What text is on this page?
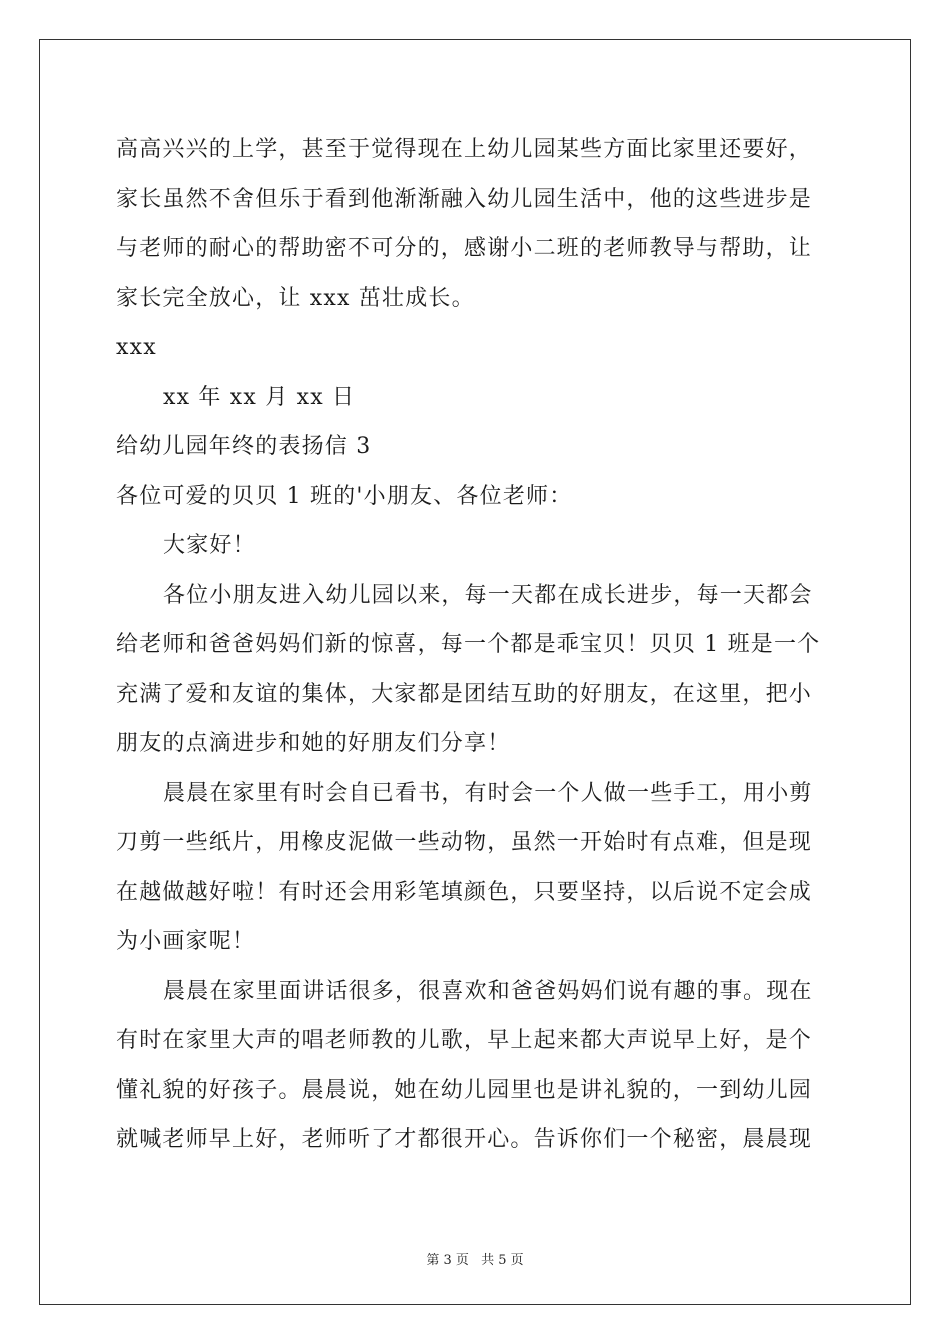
高高兴兴的上学，甚至于觉得现在上幼儿园某些方面比家里还要好，
家长虽然不舍但乐于看到他渐渐融入幼儿园生活中，他的这些进步是
与老师的耐心的帮助密不可分的，感谢小二班的老师教导与帮助，让
家长完全放心，让 xxx 茁壮成长。
xxx
xx 年 xx 月 xx 日
给幼儿园年终的表扬信 3
各位可爱的贝贝 1 班的'小朋友、各位老师：
大家好！
各位小朋友进入幼儿园以来，每一天都在成长进步，每一天都会
给老师和爸爸妈妈们新的惊喜，每一个都是乖宝贝！贝贝 1 班是一个
充满了爱和友谊的集体，大家都是团结互助的好朋友，在这里，把小
朋友的点滴进步和她的好朋友们分享！
晨晨在家里有时会自已看书，有时会一个人做一些手工，用小剪
刀剪一些纸片，用橡皮泥做一些动物，虽然一开始时有点难，但是现
在越做越好啦！有时还会用彩笔填颜色，只要坚持，以后说不定会成
为小画家呢！
晨晨在家里面讲话很多，很喜欢和爸爸妈妈们说有趣的事。现在
有时在家里大声的唱老师教的儿歌，早上起来都大声说早上好，是个
懂礼貌的好孩子。晨晨说，她在幼儿园里也是讲礼貌的，一到幼儿园
就喊老师早上好，老师听了才都很开心。告诉你们一个秘密，晨晨现
第 3 页 共 5 页
